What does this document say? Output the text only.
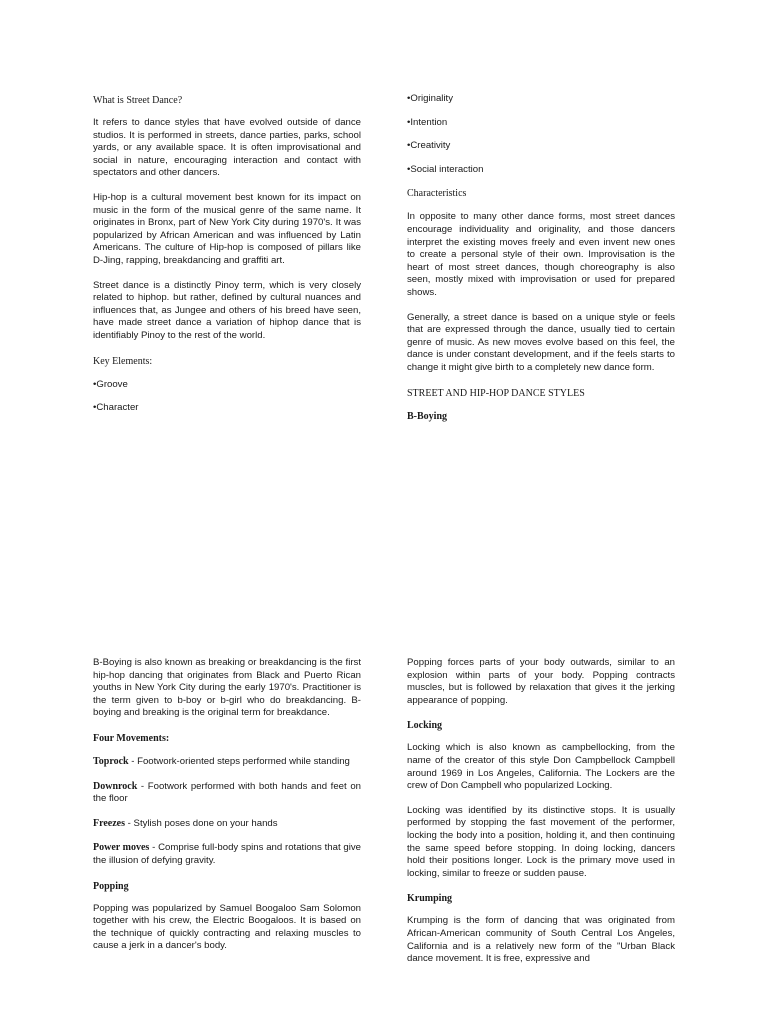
What is Street Dance?

It refers to dance styles that have evolved outside of dance studios. It is performed in streets, dance parties, parks, school yards, or any available space. It is often improvisational and social in nature, encouraging interaction and contact with spectators and other dancers.

Hip-hop is a cultural movement best known for its impact on music in the form of the musical genre of the same name. It originates in Bronx, part of New York City during 1970's. It was popularized by African American and was influenced by Latin Americans. The culture of Hip-hop is composed of pillars like D-Jing, rapping, breakdancing and graffiti art.

Street dance is a distinctly Pinoy term, which is very closely related to hiphop. but rather, defined by cultural nuances and influences that, as Jungee and others of his breed have seen, have made street dance a variation of hiphop dance that is identifiably Pinoy to the rest of the world.

Key Elements:

•Groove

•Character

•Originality

•Intention

•Creativity

•Social interaction

Characteristics

In opposite to many other dance forms, most street dances encourage individuality and originality, and those dancers interpret the existing moves freely and even invent new ones to create a personal style of their own. Improvisation is the heart of most street dances, though choreography is also seen, mostly mixed with improvisation or used for prepared shows.

Generally, a street dance is based on a unique style or feels that are expressed through the dance, usually tied to certain genre of music. As new moves evolve based on this feel, the dance is under constant development, and if the feels starts to change it might give birth to a completely new dance form.

STREET AND HIP-HOP DANCE STYLES

B-Boying

B-Boying is also known as breaking or breakdancing is the first hip-hop dancing that originates from Black and Puerto Rican youths in New York City during the early 1970's. Practitioner is the term given to b-boy or b-girl who do breakdancing. B-boying and breaking is the original term for breakdance.

Four Movements:

Toprock - Footwork-oriented steps performed while standing

Downrock - Footwork performed with both hands and feet on the floor

Freezes - Stylish poses done on your hands

Power moves - Comprise full-body spins and rotations that give the illusion of defying gravity.

Popping

Popping was popularized by Samuel Boogaloo Sam Solomon together with his crew, the Electric Boogaloos. It is based on the technique of quickly contracting and relaxing muscles to cause a jerk in a dancer's body.

Popping forces parts of your body outwards, similar to an explosion within parts of your body. Popping contracts muscles, but is followed by relaxation that gives it the jerking appearance of popping.

Locking

Locking which is also known as campbellocking, from the name of the creator of this style Don Campbellock Campbell around 1969 in Los Angeles, California. The Lockers are the crew of Don Campbell who popularized Locking.

Locking was identified by its distinctive stops. It is usually performed by stopping the fast movement of the performer, locking the body into a position, holding it, and then continuing the same speed before stopping. In doing locking, dancers hold their positions longer. Lock is the primary move used in locking, similar to freeze or sudden pause.

Krumping

Krumping is the form of dancing that was originated from African-American community of South Central Los Angeles, California and is a relatively new form of the "Urban Black dance movement. It is free, expressive and
